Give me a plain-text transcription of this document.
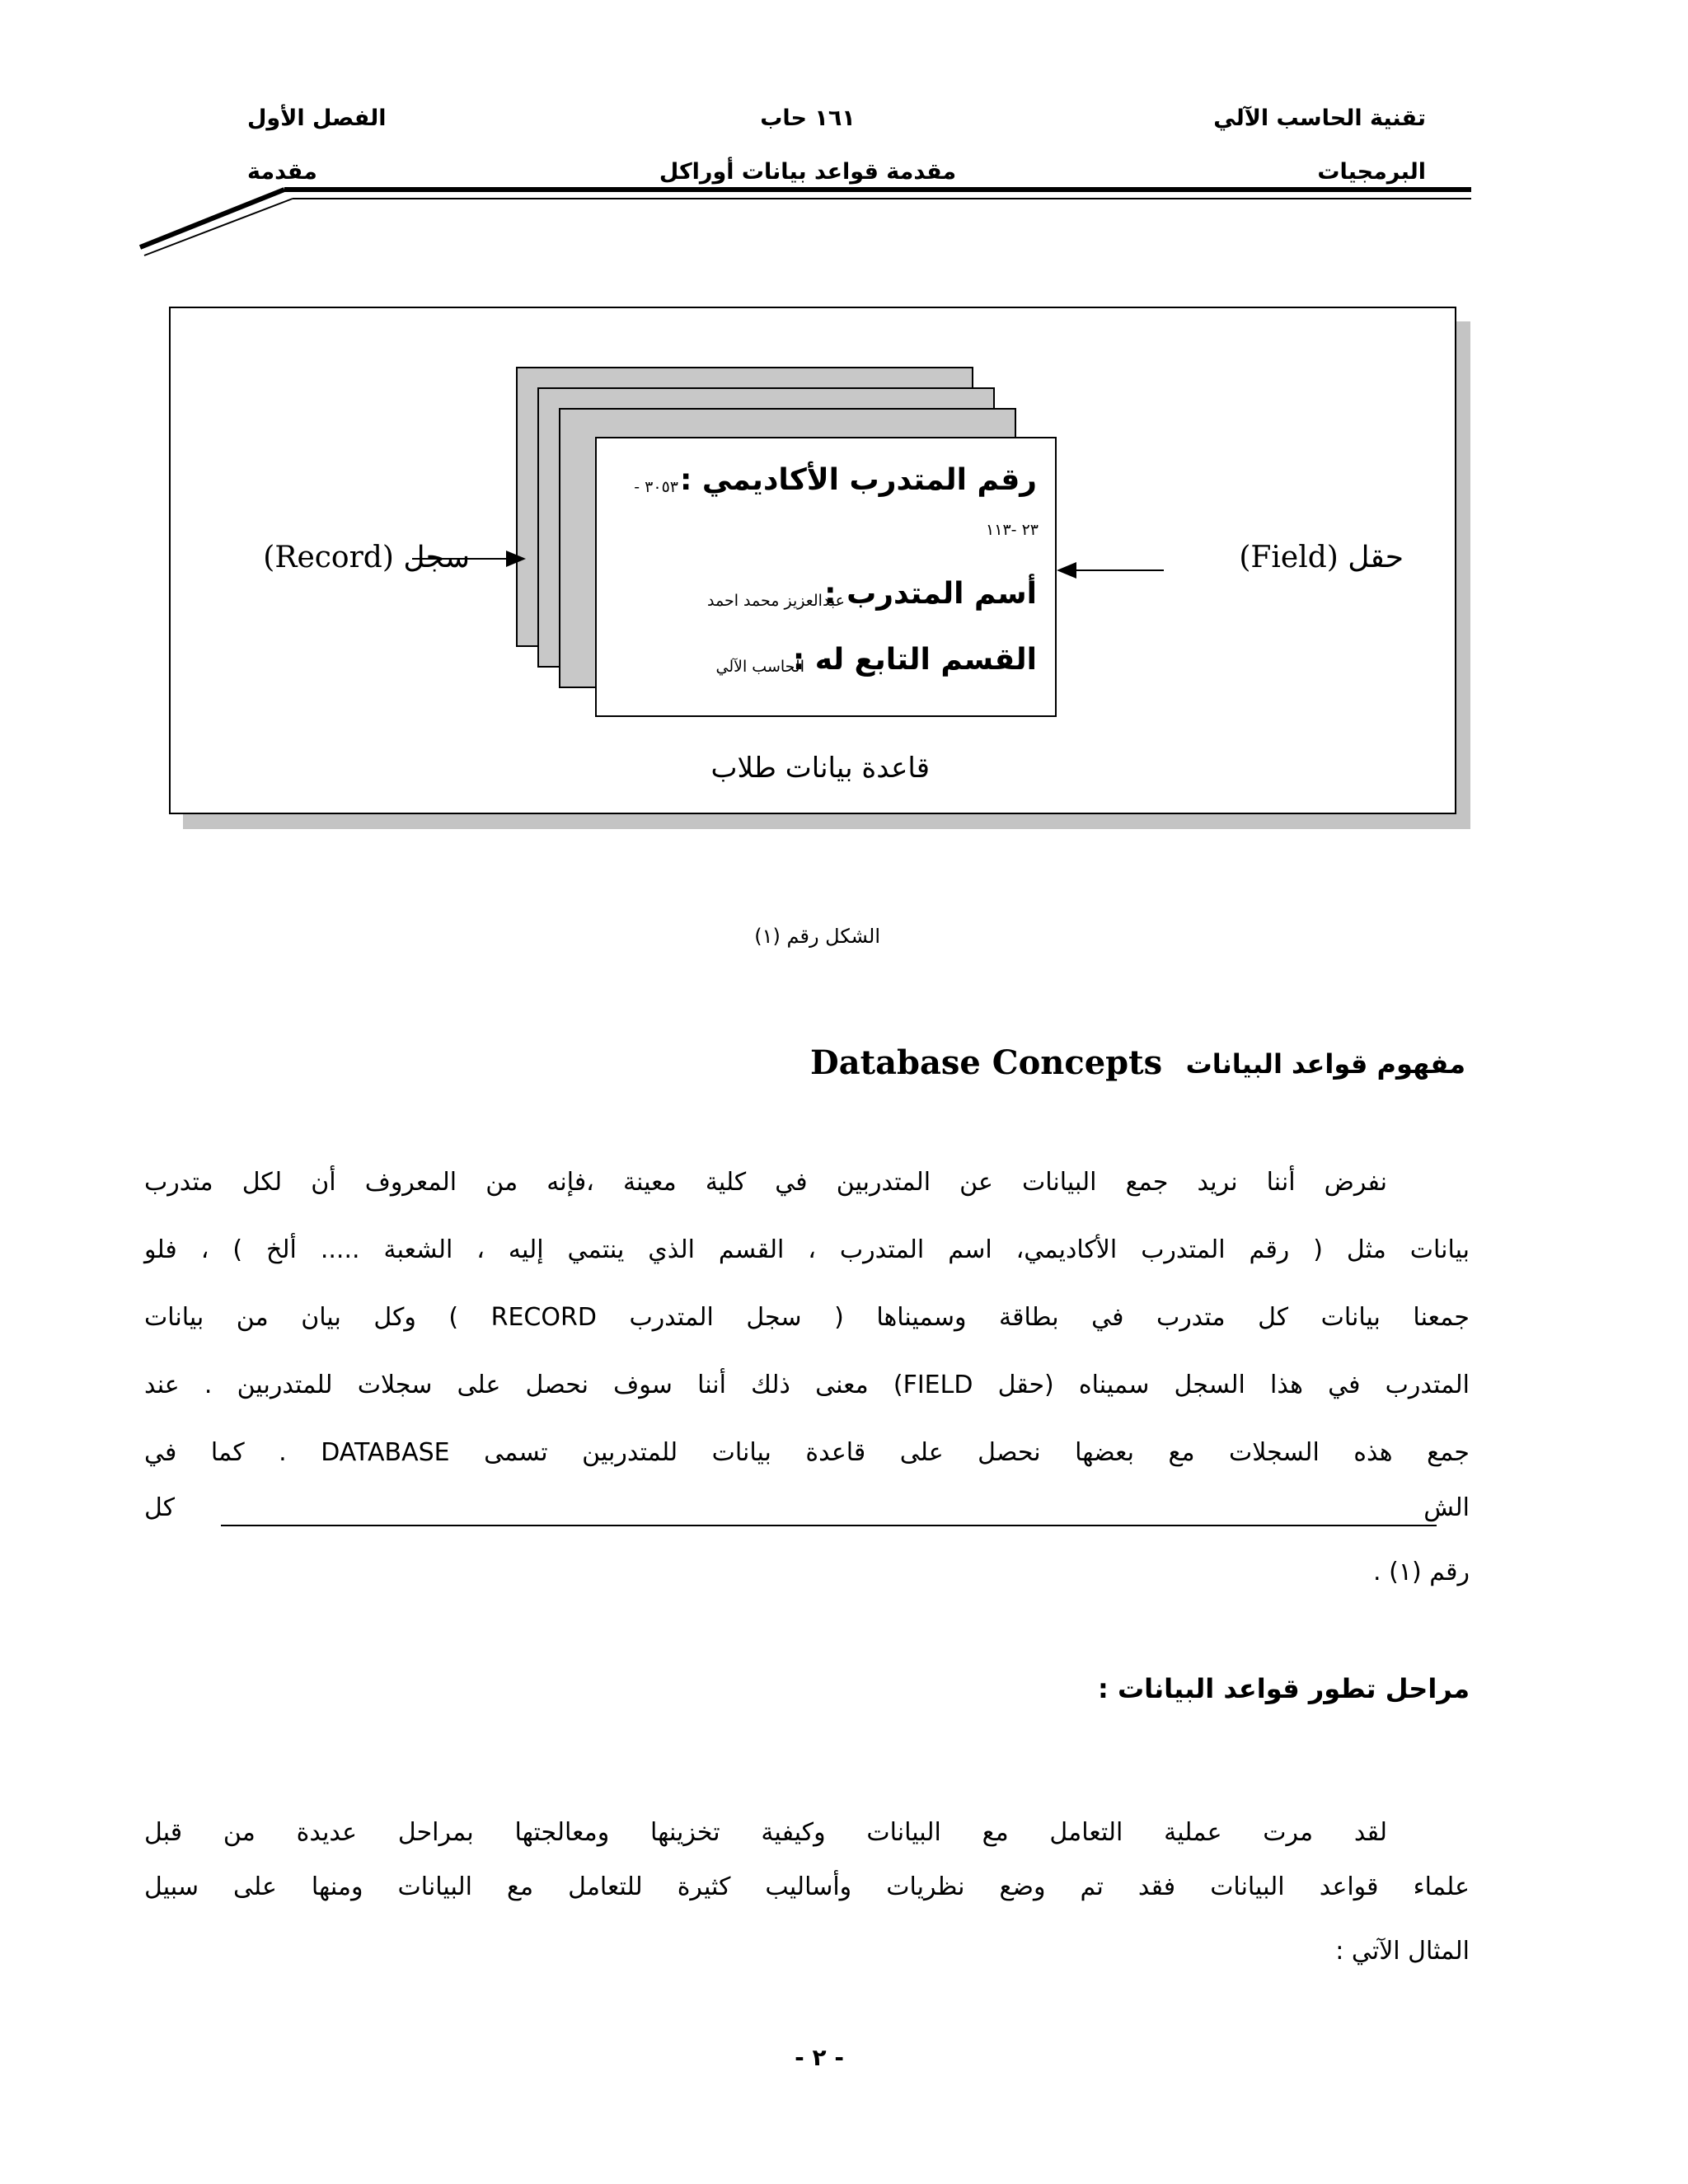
تقنية الحاسب الآلي
البرمجيات
١٦١ حاب
مقدمة قواعد بيانات أوراكل
الفصل الأول
مقدمة
رقم المتدرب الأكاديمي :
٣٠٥٣ -
٢٣ -١١٣
أسم المتدرب :
عبدالعزيز محمد احمد
القسم التابع له :
الحاسب الآلي
سجل (Record)	حقل (Field)
قاعدة بيانات طلاب
الشكل رقم (١)
مفهوم قواعد البيانات
Database Concepts
نفرض أننا نريد جمع البيانات عن المتدربين في كلية معينة ،فإنه من المعروف أن لكل متدرب
بيانات مثل ( رقم المتدرب الأكاديمي، اسم المتدرب ، القسم الذي ينتمي إليه ، الشعبة ..... ألخ ) ، فلو
جمعنا بيانات كل متدرب في بطاقة وسميناها ( سجل المتدرب RECORD ) وكل بيان من بيانات
المتدرب في هذا السجل سميناه (حقل FIELD) معنى ذلك أننا سوف نحصل على سجلات للمتدربين . عند
جمع هذه السجلات مع بعضها نحصل على قاعدة بيانات للمتدربين تسمى DATABASE . كما في
الش
كل
رقم (١) .
مراحل تطور قواعد البيانات :
لقد مرت عملية التعامل مع البيانات وكيفية تخزينها ومعالجتها بمراحل عديدة من قبل
علماء قواعد البيانات فقد تم وضع نظريات وأساليب كثيرة للتعامل مع البيانات ومنها على سبيل
المثال الآتي :
- ٢ -
